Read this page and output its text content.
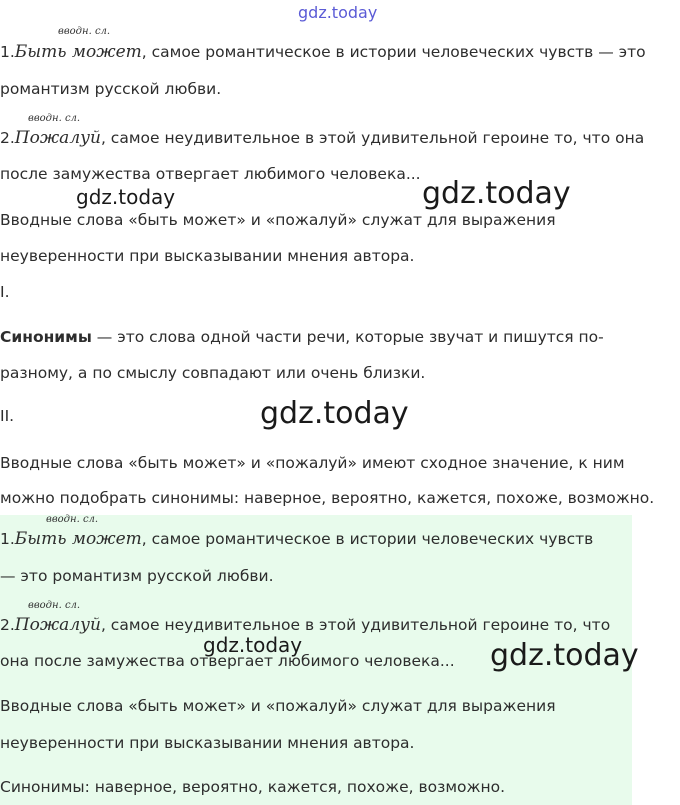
gdz.today
вводн. сл.

1.Быть может, самое романтическое в истории человеческих чувств — это

романтизм русской любви.

вводн. сл.

2.Пожалуй, самое неудивительное в этой удивительной героине то, что она

после замужества отвергает любимого человека...

Вводные слова «быть может» и «пожалуй» служат для выражения

неуверенности при высказывании мнения автора.

I.

Синонимы — это слова одной части речи, которые звучат и пишутся по-

разному, а по смыслу совпадают или очень близки.

II.

Вводные слова «быть может» и «пожалуй» имеют сходное значение, к ним

можно подобрать синонимы: наверное, вероятно, кажется, похоже, возможно.

вводн. сл.

1.Быть может, самое романтическое в истории человеческих чувств

— это романтизм русской любви.

вводн. сл.

2.Пожалуй, самое неудивительное в этой удивительной героине то, что

она после замужества отвергает любимого человека...

Вводные слова «быть может» и «пожалуй» служат для выражения

неуверенности при высказывании мнения автора.

Синонимы: наверное, вероятно, кажется, похоже, возможно.

gdz.today	gdz.today
gdz.today
gdz.today	gdz.today
